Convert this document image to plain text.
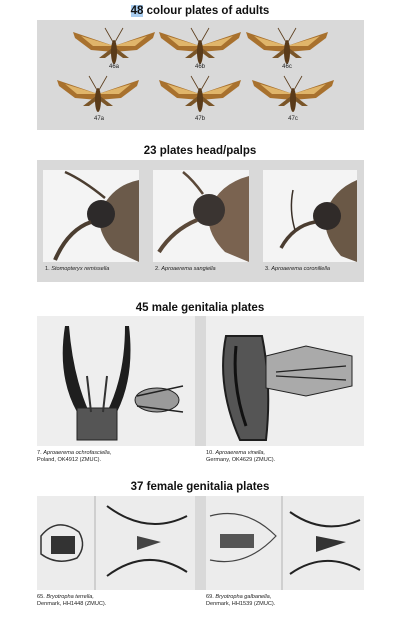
48 colour plates of adults
46a	46b	46c
47a	47b	47c
23 plates head/palps
1. Stomopteryx remissella	2. Aproaerema sangiella	3. Aproaerema coronillella
45 male genitalia plates
7. Aproaerema ochrofasciella,
Poland, OK4912 (ZMUC).
10. Aproaerema vinella,
Germany, OK4629 (ZMUC).
37 female genitalia plates
65. Bryotropha terrella,
Denmark, HH1448 (ZMUC).
69. Bryotropha galbanella,
Denmark, HH1539 (ZMUC).
